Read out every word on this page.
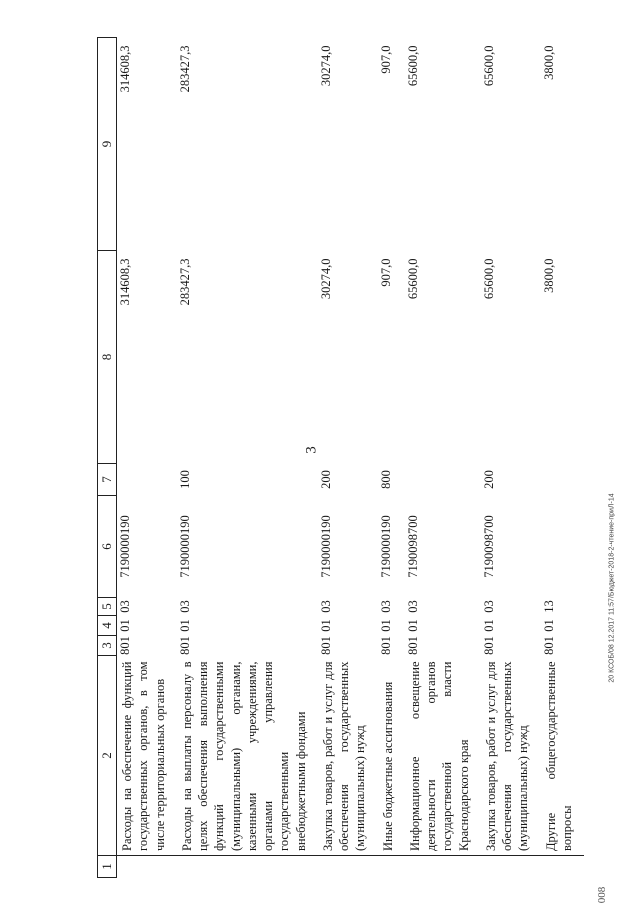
3
1	2	3	4	5	6	7	8	9
	Расходы на обеспечение функций государственных органов, в том числе территориальных органов	801	01	03	7190000190		314608,3	314608,3
	Расходы на выплаты персоналу в целях обеспечения выполнения функций государственными (муниципальными) органами, казенными учреждениями, органами управления государственными внебюджетными фондами	801	01	03	7190000190	100	283427,3	283427,3
	Закупка товаров, работ и услуг для обеспечения государственных (муниципальных) нужд	801	01	03	7190000190	200	30274,0	30274,0
	Иные бюджетные ассигнования	801	01	03	7190000190	800	907,0	907,0
	Информационное освещение деятельности органов государственной власти Краснодарского края	801	01	03	7190098700		65600,0	65600,0
	Закупка товаров, работ и услуг для обеспечения государственных (муниципальных) нужд	801	01	03	7190098700	200	65600,0	65600,0
	Другие общегосударственные вопросы	801	01	13			3800,0	3800,0
20 КСОБ/08 12.2017 11:57/Бюджет-2018-2-чтение-приЛ-14
008
